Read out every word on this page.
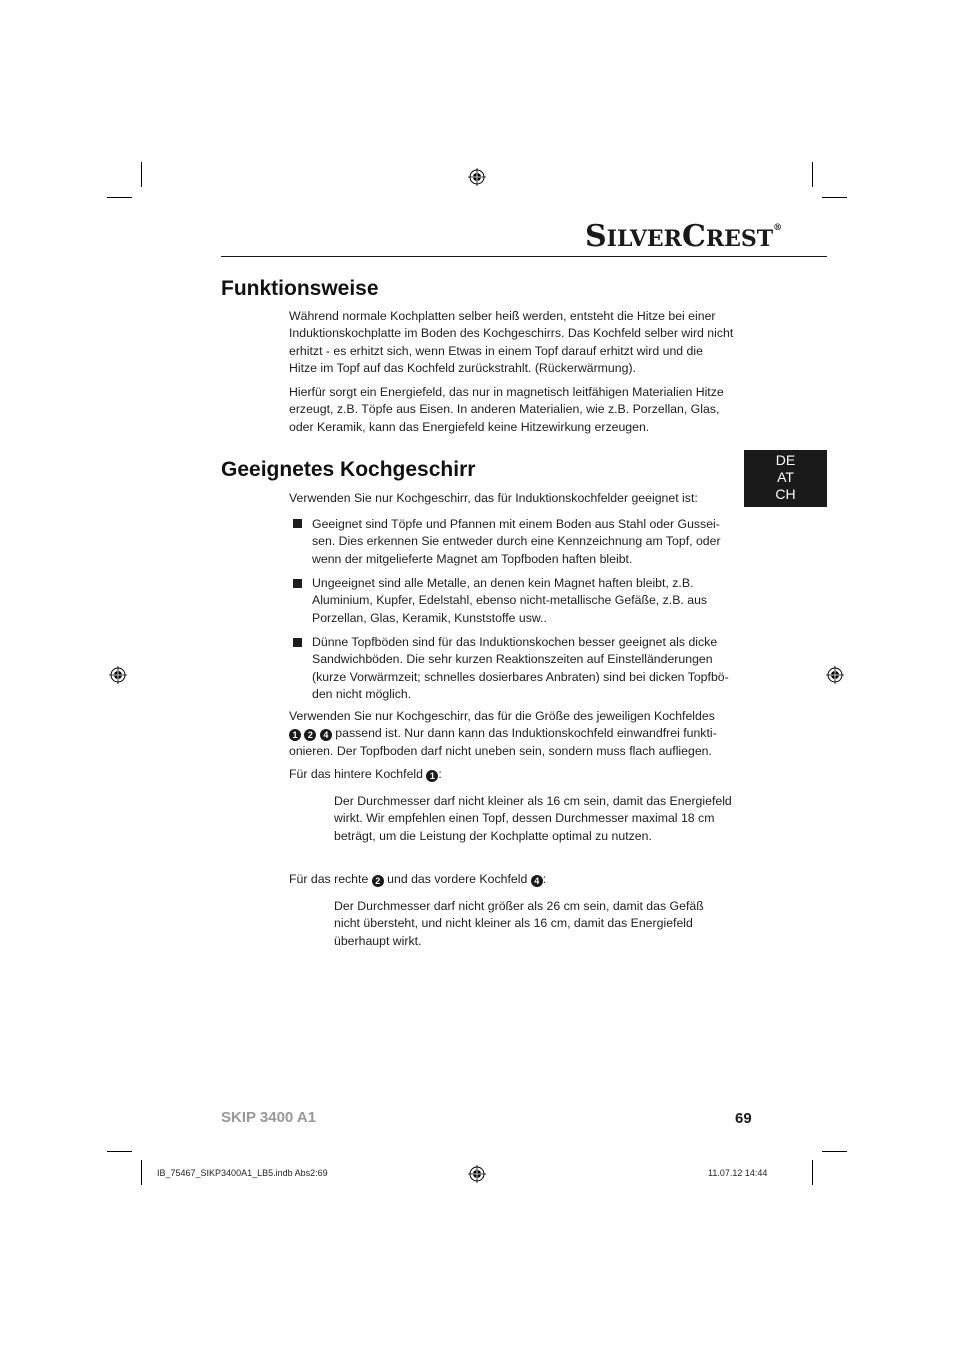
SILVERCREST®
Funktionsweise
Während normale Kochplatten selber heiß werden, entsteht die Hitze bei einer
Induktionskochplatte im Boden des Kochgeschirrs. Das Kochfeld selber wird nicht
erhitzt - es erhitzt sich, wenn Etwas in einem Topf darauf erhitzt wird und die
Hitze im Topf auf das Kochfeld zurückstrahlt. (Rückerwärmung).
Hierfür sorgt ein Energiefeld, das nur in magnetisch leitfähigen Materialien Hitze
erzeugt, z.B. Töpfe aus Eisen. In anderen Materialien, wie z.B. Porzellan, Glas,
oder Keramik, kann das Energiefeld keine Hitzewirkung erzeugen.
DE
AT
CH
Geeignetes Kochgeschirr
Verwenden Sie nur Kochgeschirr, das für Induktionskochfelder geeignet ist:
Geeignet sind Töpfe und Pfannen mit einem Boden aus Stahl oder Gussei-
sen. Dies erkennen Sie entweder durch eine Kennzeichnung am Topf, oder
wenn der mitgelieferte Magnet am Topfboden haften bleibt.
Ungeeignet sind alle Metalle, an denen kein Magnet haften bleibt, z.B.
Aluminium, Kupfer, Edelstahl, ebenso nicht-metallische Gefäße, z.B. aus
Porzellan, Glas, Keramik, Kunststoffe usw..
Dünne Topfböden sind für das Induktionskochen besser geeignet als dicke
Sandwichböden. Die sehr kurzen Reaktionszeiten auf Einstelländerungen
(kurze Vorwärmzeit; schnelles dosierbares Anbraten) sind bei dicken Topfbö-
den nicht möglich.
Verwenden Sie nur Kochgeschirr, das für die Größe des jeweiligen Kochfeldes
1 2 4 passend ist. Nur dann kann das Induktionskochfeld einwandfrei funkti-
onieren. Der Topfboden darf nicht uneben sein, sondern muss flach aufliegen.
Für das hintere Kochfeld 1 :
Der Durchmesser darf nicht kleiner als 16 cm sein, damit das Energiefeld
wirkt. Wir empfehlen einen Topf, dessen Durchmesser maximal 18 cm
beträgt, um die Leistung der Kochplatte optimal zu nutzen.
Für das rechte 2 und das vordere Kochfeld 4 :
Der Durchmesser darf nicht größer als 26 cm sein, damit das Gefäß
nicht übersteht, und nicht kleiner als 16 cm, damit das Energiefeld
überhaupt wirkt.
SKIP 3400 A1	69
IB_75467_SIKP3400A1_LB5.indb Abs2:69	11.07.12 14:44
